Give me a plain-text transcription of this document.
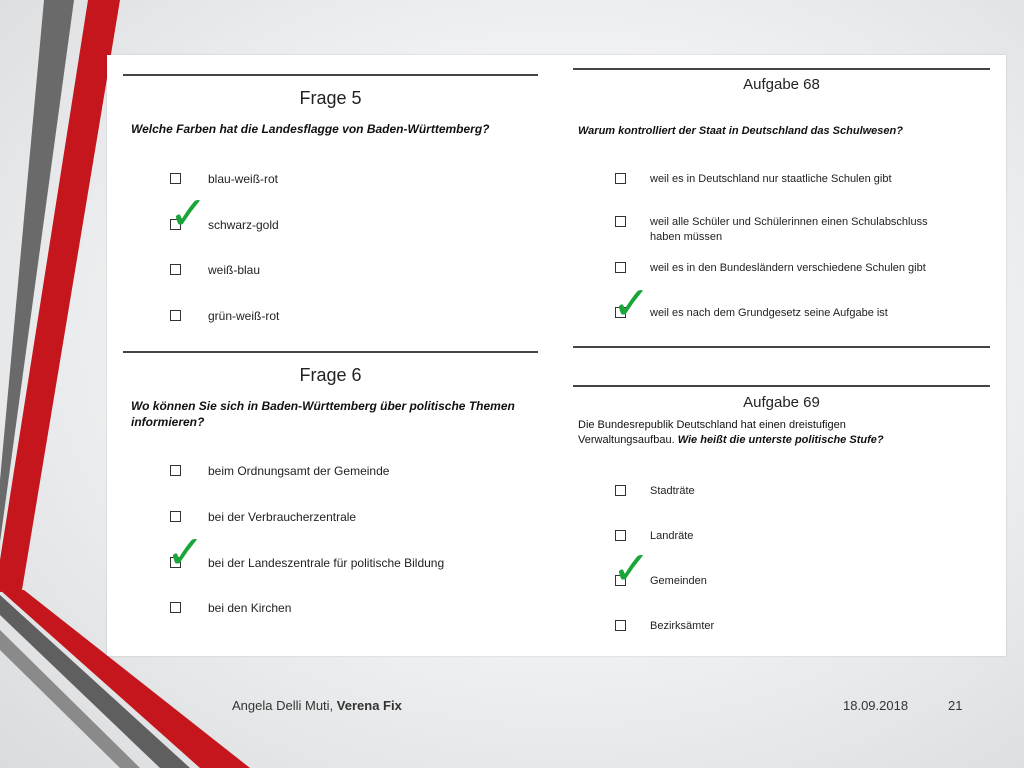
Frage 5
Welche Farben hat die Landesflagge von Baden-Württemberg?
blau-weiß-rot
schwarz-gold
weiß-blau
grün-weiß-rot
✓
Frage 6
Wo können Sie sich in Baden-Württemberg über politische Themen
informieren?
beim Ordnungsamt der Gemeinde
bei der Verbraucherzentrale
bei der Landeszentrale für politische Bildung
bei den Kirchen
✓
Aufgabe 68
Warum kontrolliert der Staat in Deutschland das Schulwesen?
weil es in Deutschland nur staatliche Schulen gibt
weil alle Schüler und Schülerinnen einen Schulabschluss
haben müssen
weil es in den Bundesländern verschiedene Schulen gibt
weil es nach dem Grundgesetz seine Aufgabe ist
✓
Aufgabe 69
Die Bundesrepublik Deutschland hat einen dreistufigen
Verwaltungsaufbau. Wie heißt die unterste politische Stufe?
Stadträte
Landräte
Gemeinden
Bezirksämter
✓
Angela Delli Muti, Verena Fix	18.09.2018	21
